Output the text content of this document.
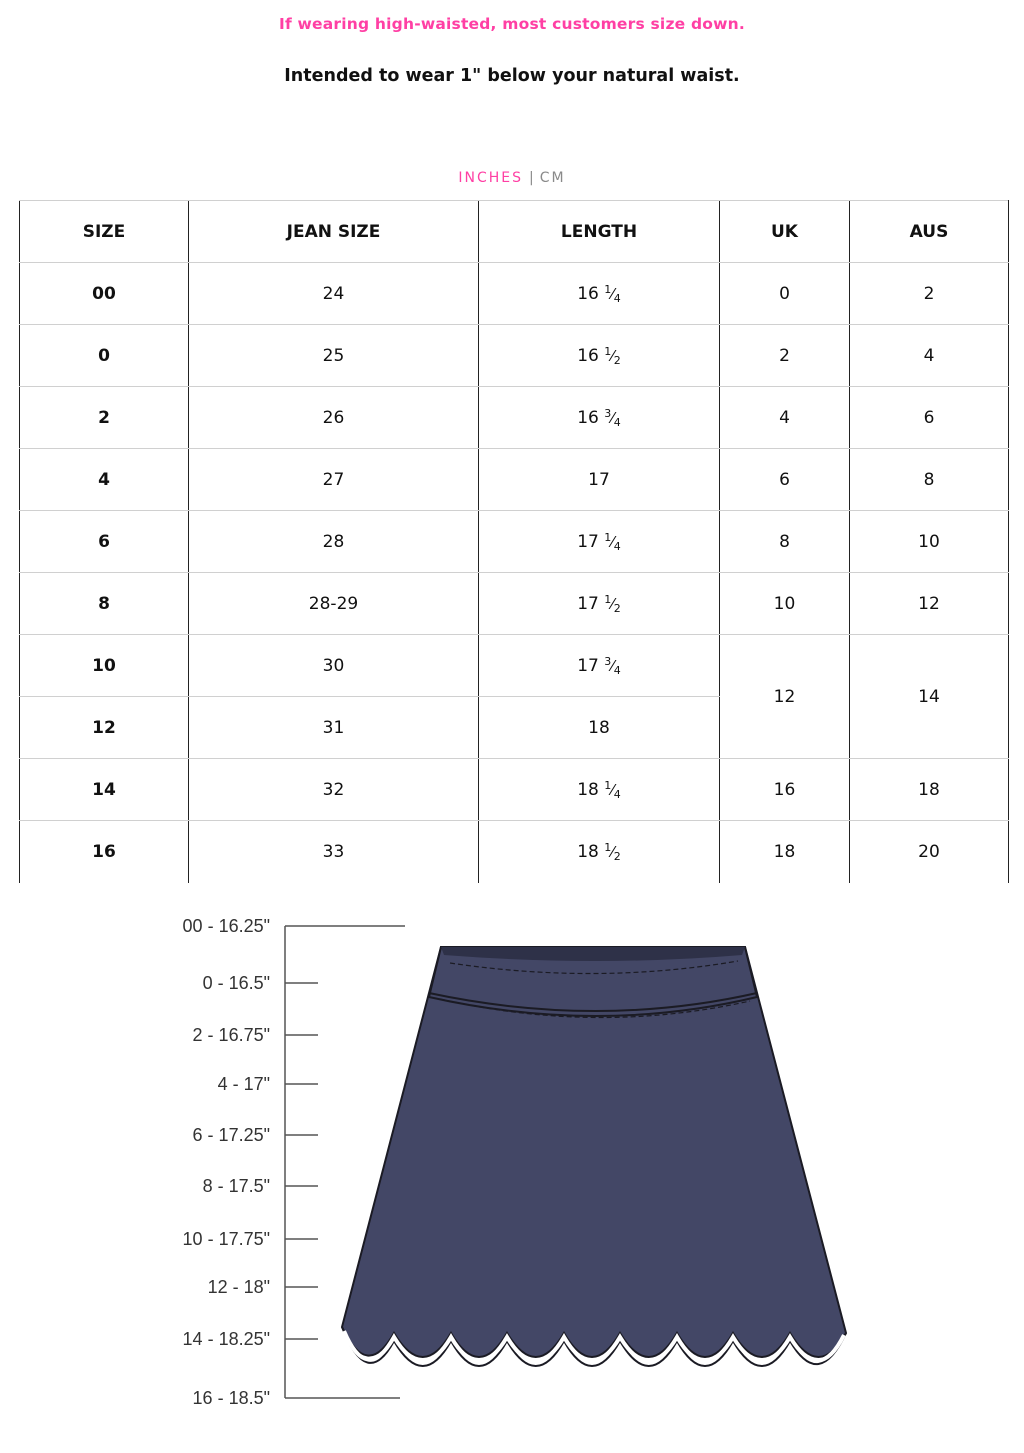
If wearing high-waisted, most customers size down.
Intended to wear 1" below your natural waist.
INCHES | CM
SIZE	JEAN SIZE	LENGTH	UK	AUS
00	24	16 $^1⁄_4$	0	2
0	25	16 $^1⁄_2$	2	4
2	26	16 $^3⁄_4$	4	6
4	27	17	6	8
6	28	17 $^1⁄_4$	8	10
8	28-29	17 $^1⁄_2$	10	12
10	30	17 $^3⁄_4$	12	14
12	31	18		
14	32	18 $^1⁄_4$	16	18
16	33	18 $^1⁄_2$	18	20
00 - 16.25"
0 - 16.5"
2 - 16.75"
4 - 17"
6 - 17.25"
8 - 17.5"
10 - 17.75"
12 - 18"
14 - 18.25"
16 - 18.5"
